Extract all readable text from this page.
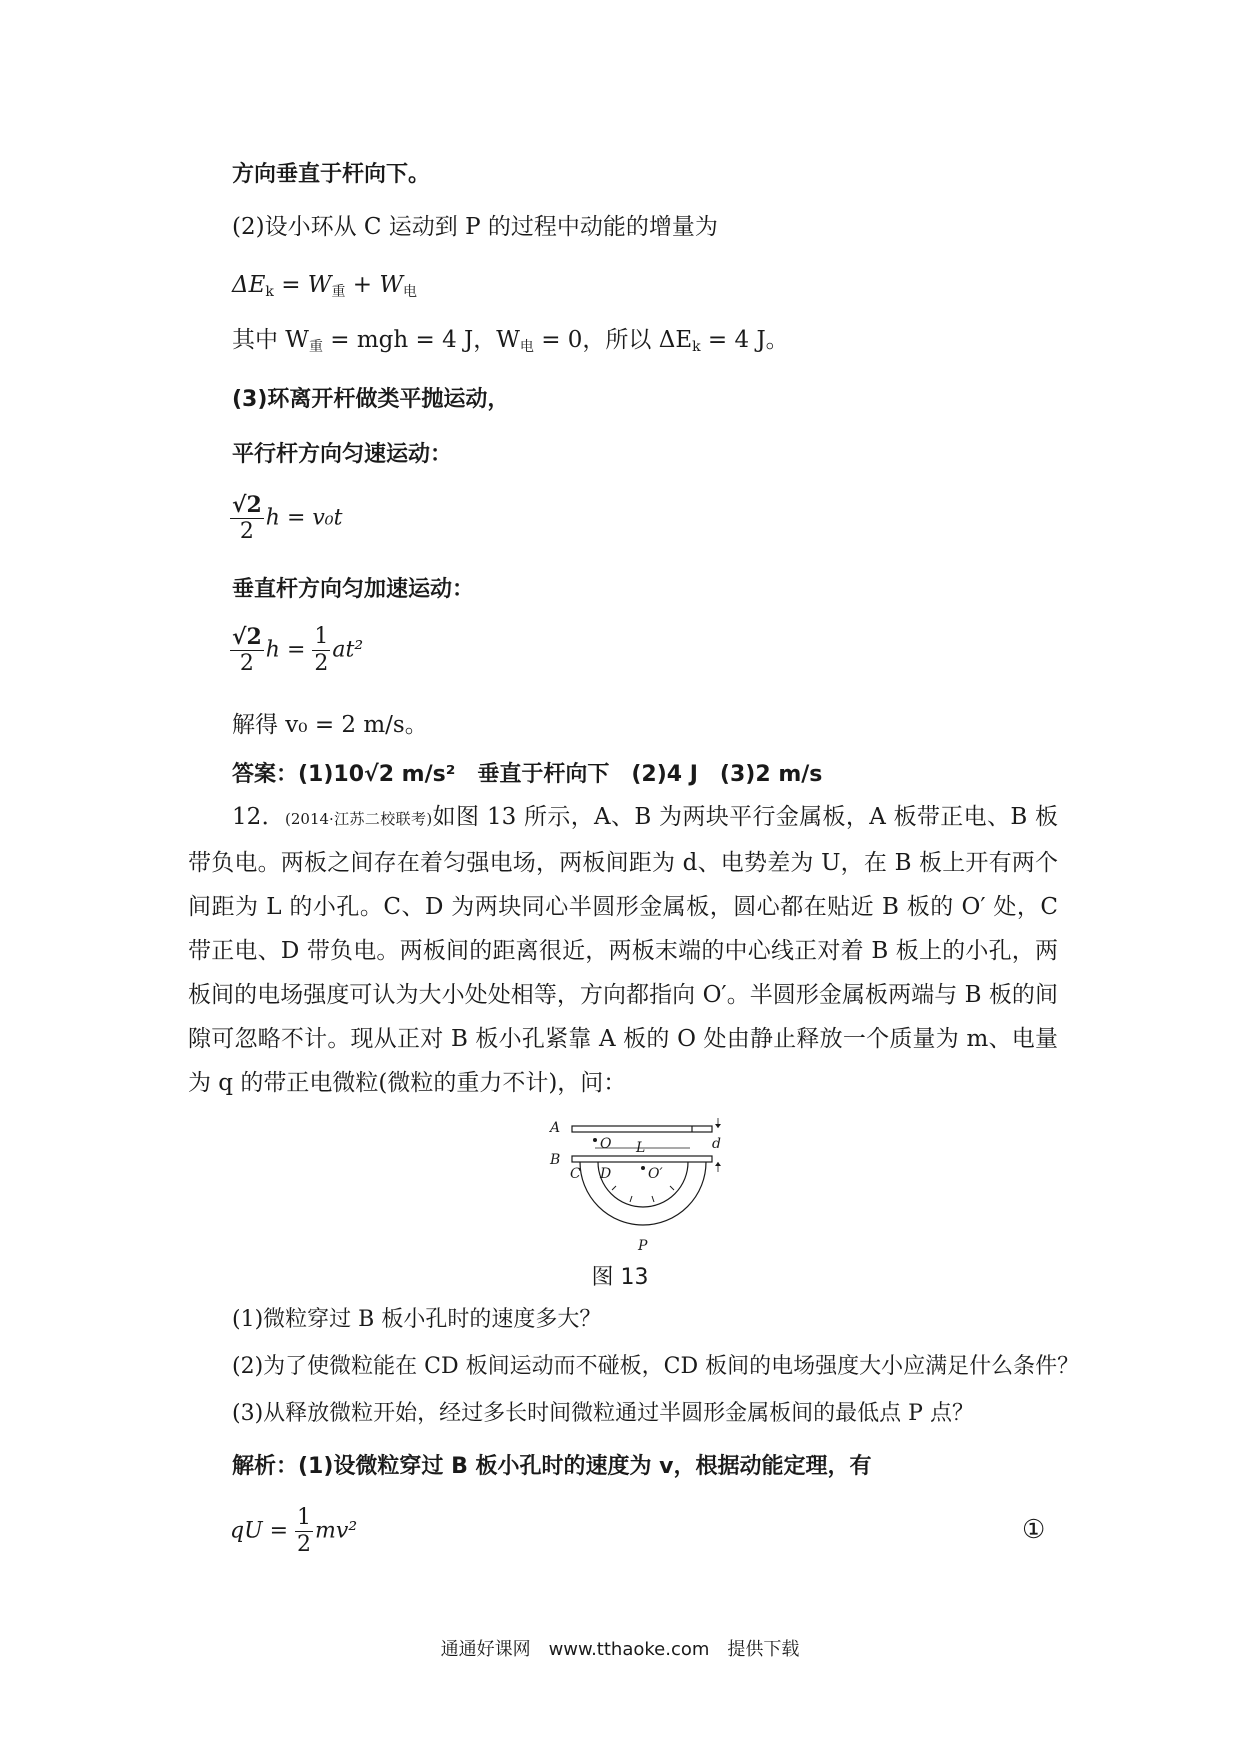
方向垂直于杆向下。
(2)设小环从 C 运动到 P 的过程中动能的增量为
$\Delta E_k = W_重 + W_电$
其中 $W_重$ = mgh = 4 J，$W_电 = 0$，所以 $\Delta E_k = 4$ J。
(3)环离开杆做类平抛运动，
平行杆方向匀速运动：
$\frac{√2}{2}$ h = v₀t
垂直杆方向匀加速运动：
$\frac{√2}{2}$ $h = \frac{1}{2} at^2$
解得 v₀ = 2 m/s。
答案：(1)10√2 m/s²　垂直于杆向下　(2)4 J　(3)2 m/s
12．(2014·江苏二校联考)如图 13 所示，A、B 为两块平行金属板，A 板带正电、B 板带负电。两板之间存在着匀强电场，两板间距为 d、电势差为 U，在 B 板上开有两个间距为 L 的小孔。C、D 为两块同心半圆形金属板，圆心都在贴近 B 板的 O′ 处，C 带正电、D 带负电。两板间的距离很近，两板末端的中心线正对着 B 板上的小孔，两板间的电场强度可认为大小处处相等，方向都指向 O′。半圆形金属板两端与 B 板的间隙可忽略不计。现从正对 B 板小孔紧靠 A 板的 O 处由静止释放一个质量为 m、电量为 q 的带正电微粒(微粒的重力不计)，问：
A
B
O L	d
O′
C D
P
图 13
(1)微粒穿过 B 板小孔时的速度多大？
(2)为了使微粒能在 CD 板间运动而不碰板，CD 板间的电场强度大小应满足什么条件？
(3)从释放微粒开始，经过多长时间微粒通过半圆形金属板间的最低点 P 点？
解析：(1)设微粒穿过 B 板小孔时的速度为 v，根据动能定理，有
qU = $\frac{1}{2} mv^2$	①
通通好课网　www.tthaoke.com　提供下载
